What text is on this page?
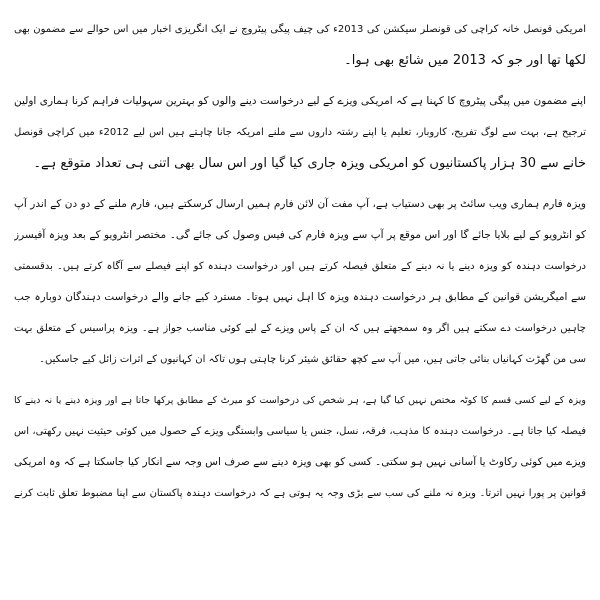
امریکی قونصل خانہ کراچی کی قونصلر سیکشن کی 2013ء کی چیف پیگی پیٹروچ نے ایک انگریزی اخبار میں اس حوالے سے مضمون بھی
لکھا تھا اور جو کہ 2013 میں شائع بھی ہوا۔

اپنے مضمون میں پیگی پیٹروچ کا کہنا ہے کہ امریکی ویزے کے لیے درخواست دینے والوں کو بہترین سہولیات فراہم کرنا ہماری اولین
ترجیح ہے، بہت سے لوگ تفریح، کاروبار، تعلیم یا اپنے رشتہ داروں سے ملنے امریکہ جانا چاہتے ہیں اس لیے 2012ء میں کراچی قونصل
خانے سے 30 ہزار پاکستانیوں کو امریکی ویزہ جاری کیا گیا اور اس سال بھی اتنی ہی تعداد متوقع ہے۔

ویزہ فارم ہماری ویب سائٹ پر بھی دستیاب ہے، آپ مفت آن لائن فارم ہمیں ارسال کرسکتے ہیں، فارم ملنے کے دو دن کے اندر آپ
کو انٹرویو کے لیے بلایا جائے گا اور اس موقع پر آپ سے ویزہ فارم کی فیس وصول کی جائے گی۔ مختصر انٹرویو کے بعد ویزہ آفیسرز
درخواست دہندہ کو ویزہ دینے یا نہ دینے کے متعلق فیصلہ کرتے ہیں اور درخواست دہندہ کو اپنے فیصلے سے آگاہ کرتے ہیں۔ بدقسمتی
سے امیگریشن قوانین کے مطابق ہر درخواست دہندہ ویزہ کا اہل نہیں ہوتا۔ مسترد کیے جانے والے درخواست دہندگان دوبارہ جب
چاہیں درخواست دے سکتے ہیں اگر وہ سمجھتے ہیں کہ ان کے پاس ویزے کے لیے کوئی مناسب جواز ہے۔ ویزہ پراسیس کے متعلق بہت
سی من گھڑت کہانیاں بنائی جاتی ہیں، میں آپ سے کچھ حقائق شیئر کرنا چاہتی ہوں تاکہ ان کہانیوں کے اثرات زائل کیے جاسکیں۔

ویزہ کے لیے کسی قسم کا کوٹہ مختص نہیں کیا گیا ہے، ہر شخص کی درخواست کو میرٹ کے مطابق پرکھا جاتا ہے اور ویزہ دینے یا نہ دینے کا
فیصلہ کیا جاتا ہے۔ درخواست دہندہ کا مذہب، فرقہ، نسل، جنس یا سیاسی وابستگی ویزے کے حصول میں کوئی حیثیت نہیں رکھتی، اس
ویزے میں کوئی رکاوٹ یا آسانی نہیں ہو سکتی۔ کسی کو بھی ویزہ دینے سے صرف اس وجہ سے انکار کیا جاسکتا ہے کہ وہ امریکی
قوانین پر پورا نہیں اترتا۔ ویزہ نہ ملنے کی سب سے بڑی وجہ یہ ہوتی ہے کہ درخواست دہندہ پاکستان سے اپنا مضبوط تعلق ثابت کرنے
